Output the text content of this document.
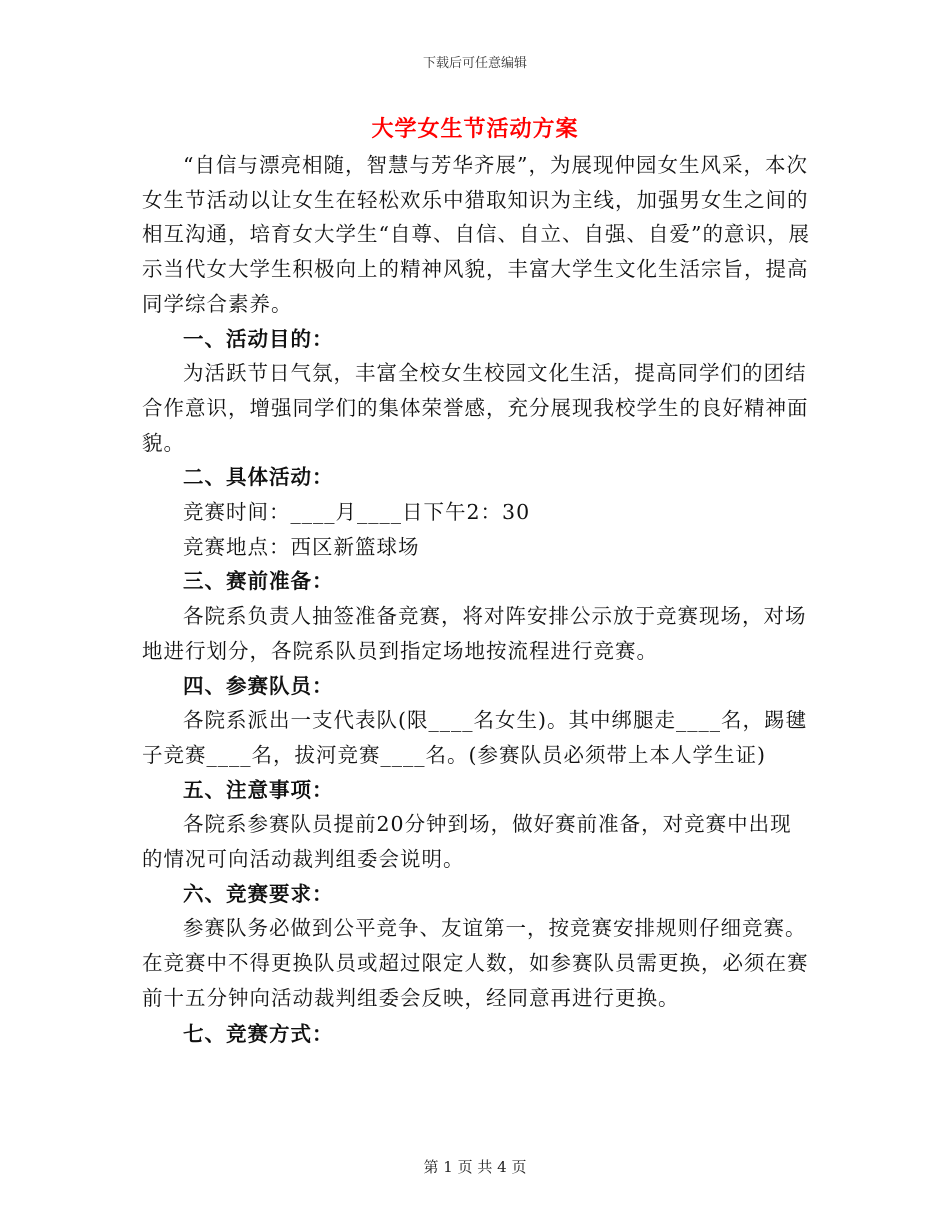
下载后可任意编辑
大学女生节活动方案

“自信与漂亮相随，智慧与芳华齐展”，为展现仲园女生风采，本次女生节活动以让女生在轻松欢乐中猎取知识为主线，加强男女生之间的相互沟通，培育女大学生“自尊、自信、自立、自强、自爱”的意识，展示当代女大学生积极向上的精神风貌，丰富大学生文化生活宗旨，提高同学综合素养。

一、活动目的：

为活跃节日气氛，丰富全校女生校园文化生活，提高同学们的团结合作意识，增强同学们的集体荣誉感，充分展现我校学生的良好精神面貌。

二、具体活动：

竞赛时间：____月____日下午2：30

竞赛地点：西区新篮球场

三、赛前准备：

各院系负责人抽签准备竞赛，将对阵安排公示放于竞赛现场，对场地进行划分，各院系队员到指定场地按流程进行竞赛。

四、参赛队员：

各院系派出一支代表队(限____名女生)。其中绑腿走____名，踢毽子竞赛____名，拔河竞赛____名。(参赛队员必须带上本人学生证)

五、注意事项：

各院系参赛队员提前20分钟到场，做好赛前准备，对竞赛中出现的情况可向活动裁判组委会说明。

六、竞赛要求：

参赛队务必做到公平竞争、友谊第一，按竞赛安排规则仔细竞赛。在竞赛中不得更换队员或超过限定人数，如参赛队员需更换，必须在赛前十五分钟向活动裁判组委会反映，经同意再进行更换。

七、竞赛方式：
第 1 页 共 4 页
